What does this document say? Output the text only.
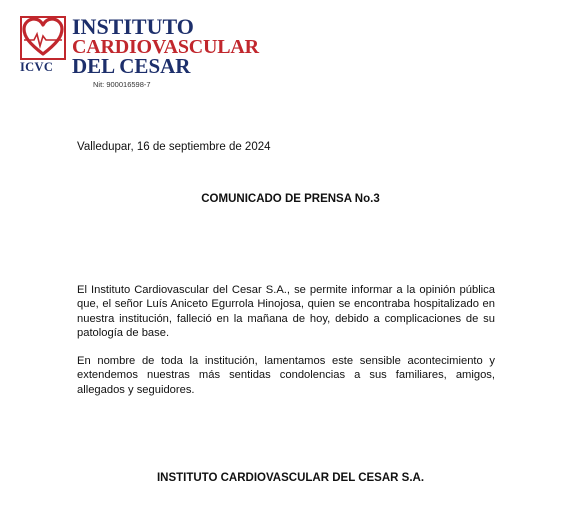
ICVC
INSTITUTO
CARDIOVASCULAR
DEL CESAR
Nit: 900016598-7
Valledupar, 16 de septiembre de 2024
COMUNICADO DE PRENSA No.3
El Instituto Cardiovascular del Cesar S.A., se permite informar a la opinión pública que, el señor Luís Aniceto Egurrola Hinojosa, quien se encontraba hospitalizado en nuestra institución, falleció en la mañana de hoy, debido a complicaciones de su patología de base.
En nombre de toda la institución, lamentamos este sensible acontecimiento y extendemos nuestras más sentidas condolencias a sus familiares, amigos, allegados y seguidores.
INSTITUTO CARDIOVASCULAR DEL CESAR S.A.
